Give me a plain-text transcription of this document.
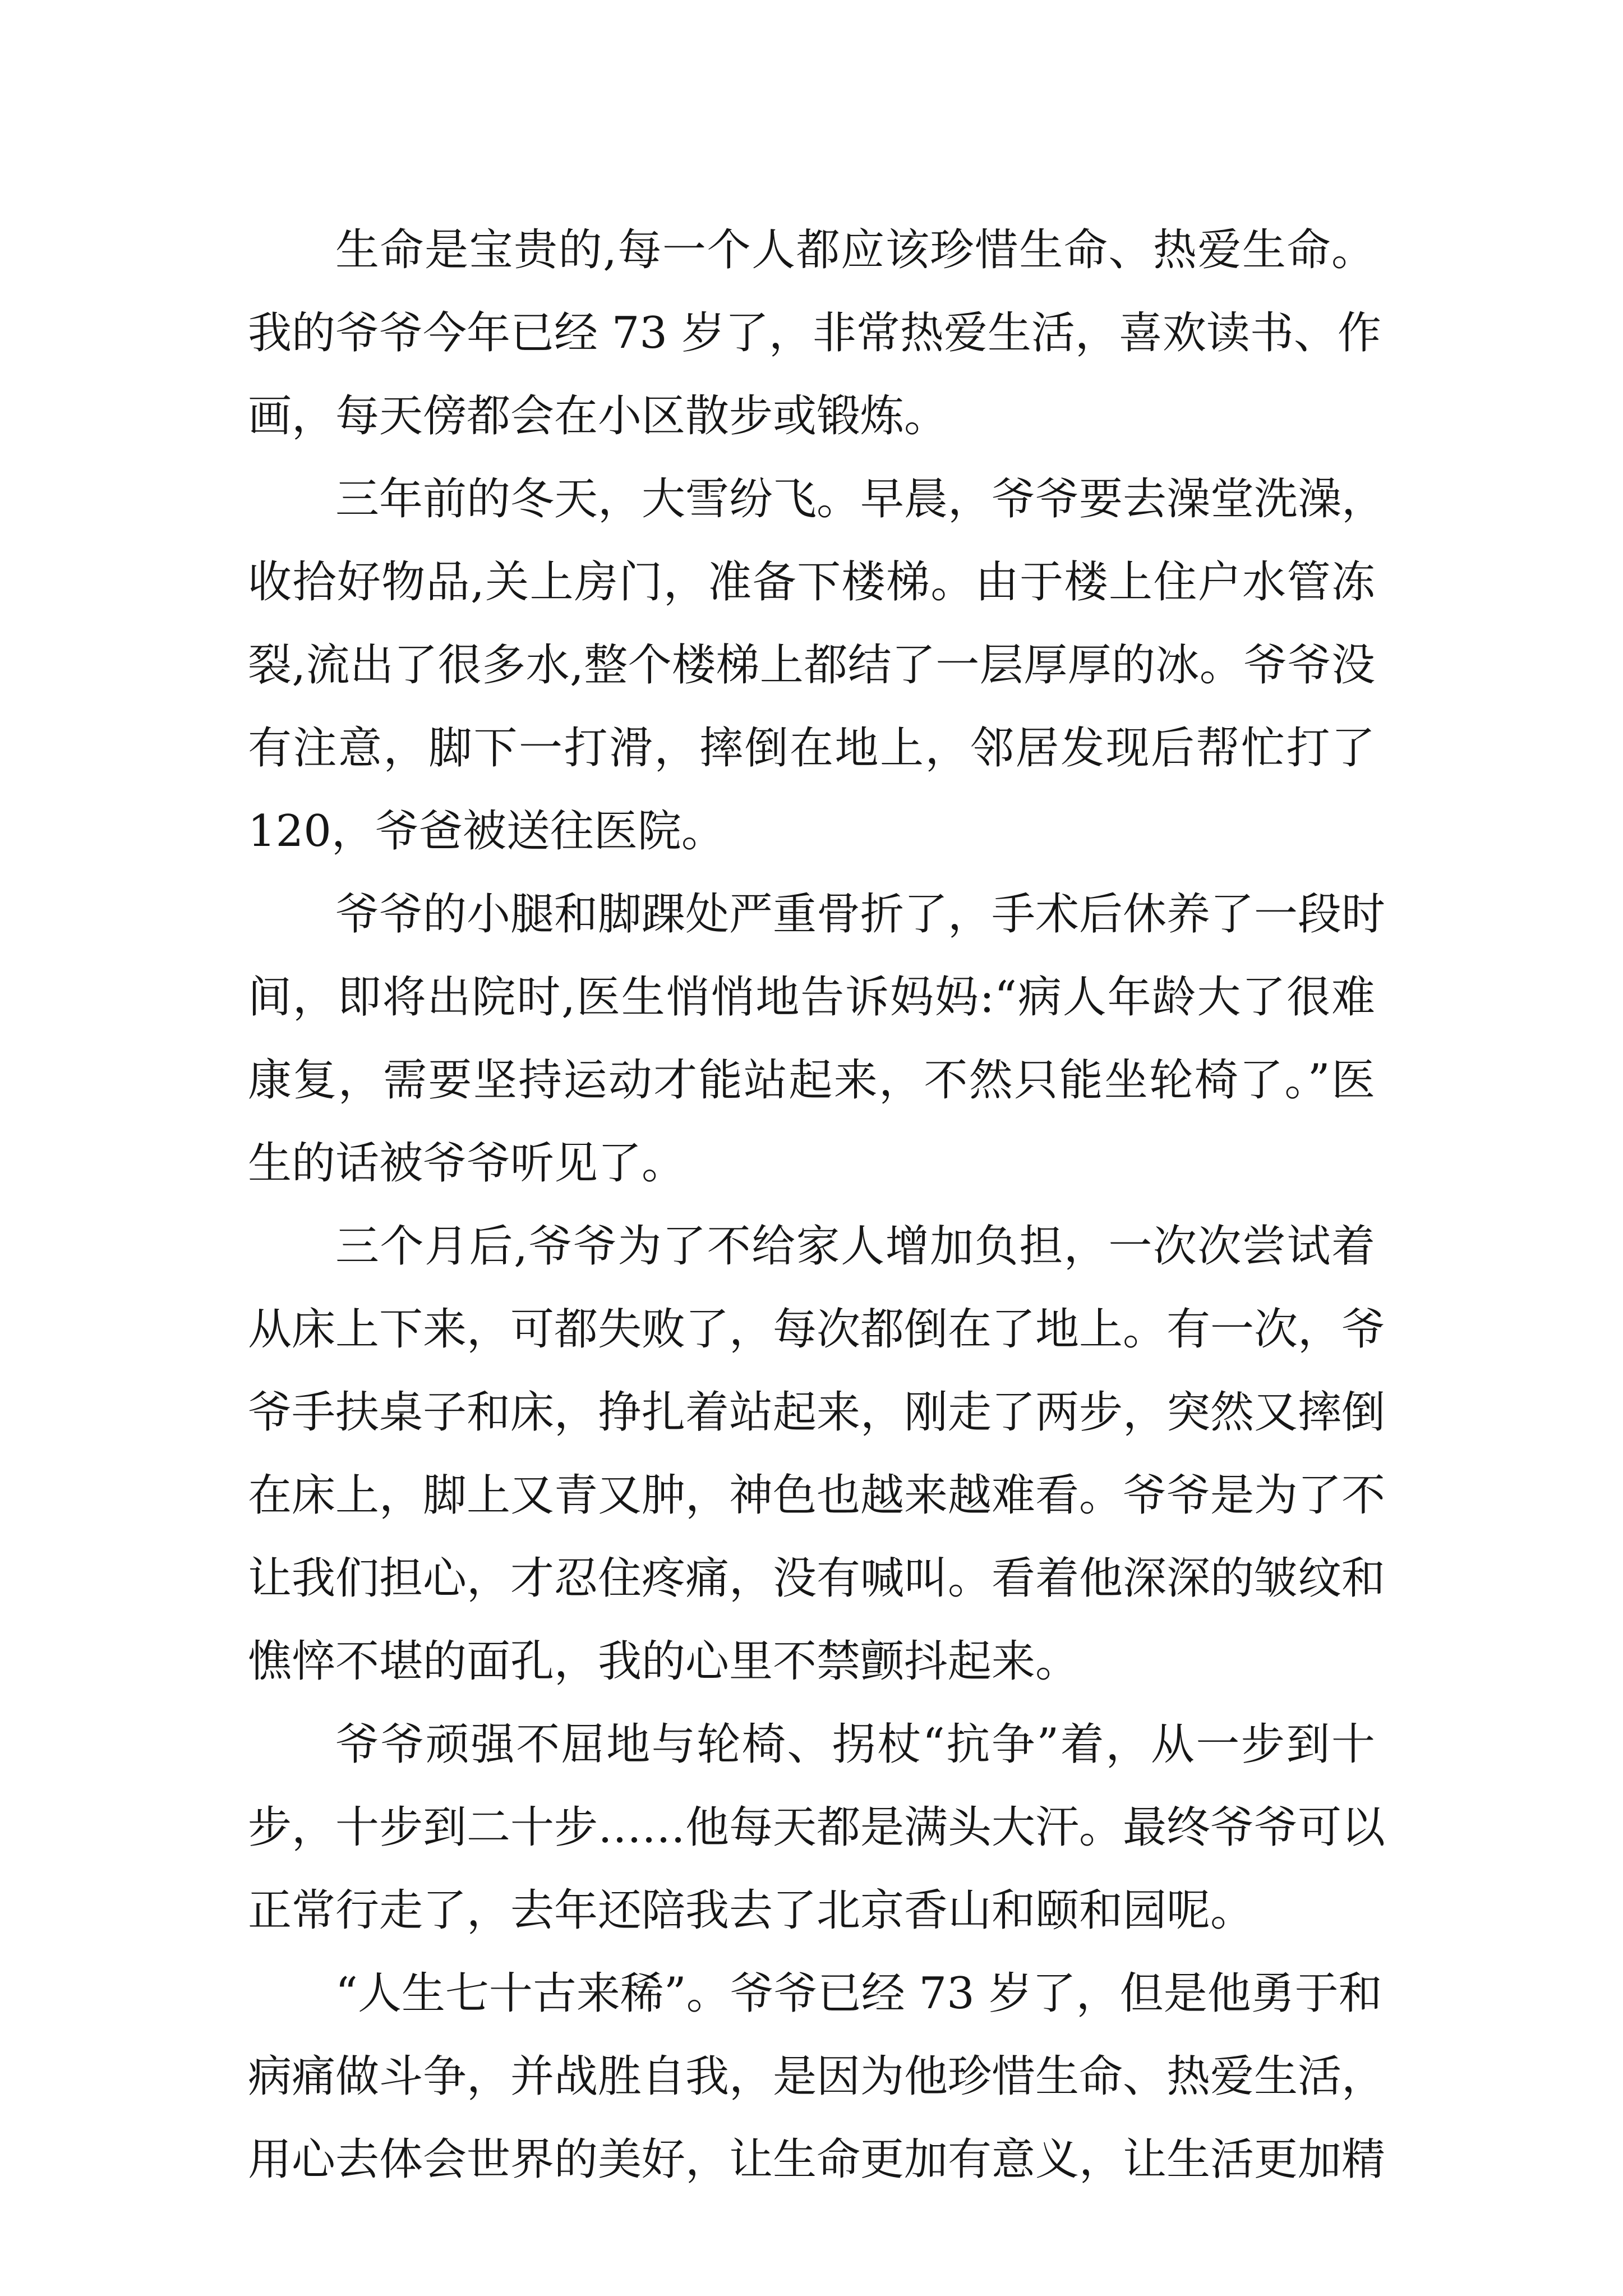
生命是宝贵的,每一个人都应该珍惜生命、热爱生命。
我的爷爷今年已经 73 岁了，非常热爱生活，喜欢读书、作
画，每天傍都会在小区散步或锻炼。
三年前的冬天，大雪纷飞。早晨，爷爷要去澡堂洗澡，
收拾好物品,关上房门，准备下楼梯。由于楼上住户水管冻
裂,流出了很多水,整个楼梯上都结了一层厚厚的冰。爷爷没
有注意，脚下一打滑，摔倒在地上，邻居发现后帮忙打了
120，爷爸被送往医院。
爷爷的小腿和脚踝处严重骨折了，手术后休养了一段时
间，即将出院时,医生悄悄地告诉妈妈:“病人年龄大了很难
康复，需要坚持运动才能站起来，不然只能坐轮椅了。”医
生的话被爷爷听见了。
三个月后,爷爷为了不给家人增加负担，一次次尝试着
从床上下来，可都失败了，每次都倒在了地上。有一次，爷
爷手扶桌子和床，挣扎着站起来，刚走了两步，突然又摔倒
在床上，脚上又青又肿，神色也越来越难看。爷爷是为了不
让我们担心，才忍住疼痛，没有喊叫。看着他深深的皱纹和
憔悴不堪的面孔，我的心里不禁颤抖起来。
爷爷顽强不屈地与轮椅、拐杖“抗争”着，从一步到十
步，十步到二十步……他每天都是满头大汗。最终爷爷可以
正常行走了，去年还陪我去了北京香山和颐和园呢。
“人生七十古来稀”。爷爷已经 73 岁了，但是他勇于和
病痛做斗争，并战胜自我，是因为他珍惜生命、热爱生活，
用心去体会世界的美好，让生命更加有意义，让生活更加精
